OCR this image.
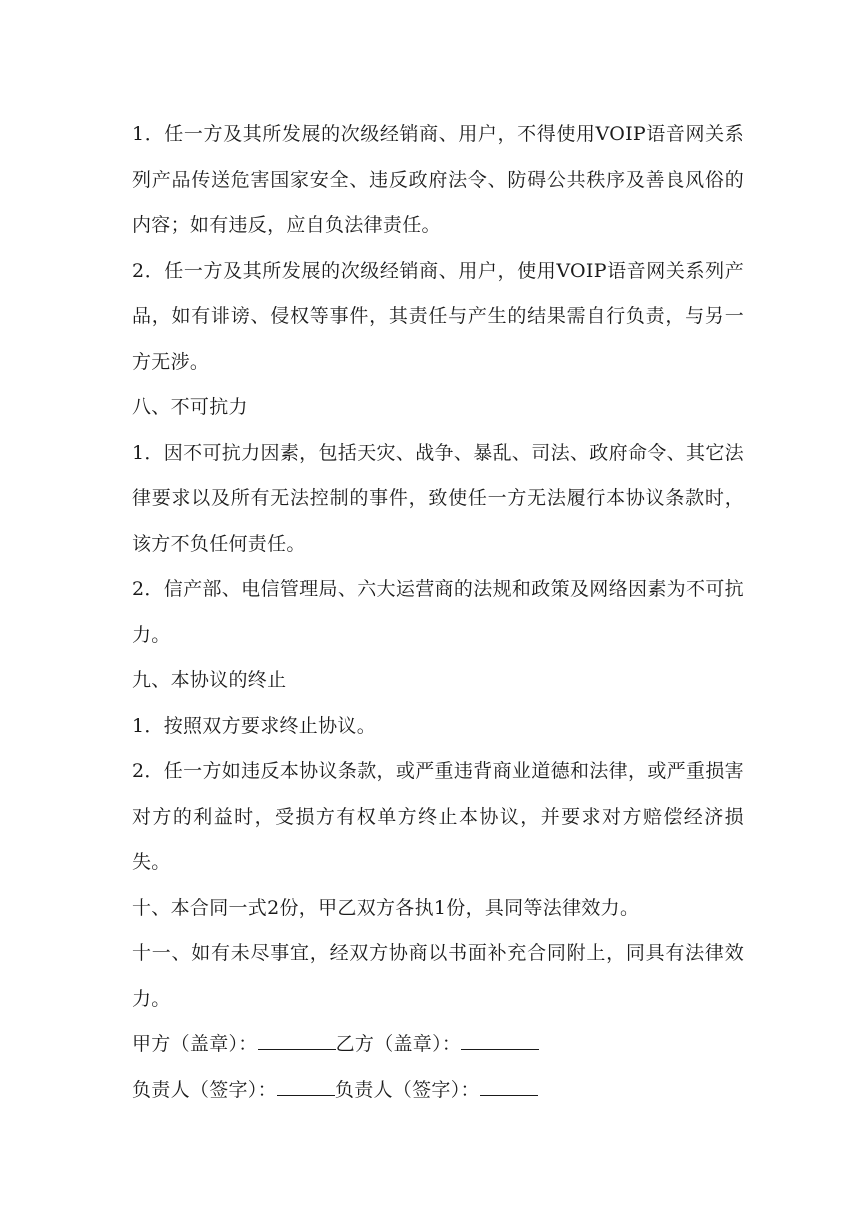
1．任一方及其所发展的次级经销商、用户，不得使用VOIP语音网关系列产品传送危害国家安全、违反政府法令、防碍公共秩序及善良风俗的内容；如有违反，应自负法律责任。

2．任一方及其所发展的次级经销商、用户，使用VOIP语音网关系列产品，如有诽谤、侵权等事件，其责任与产生的结果需自行负责，与另一方无涉。

八、不可抗力

1．因不可抗力因素，包括天灾、战争、暴乱、司法、政府命令、其它法律要求以及所有无法控制的事件，致使任一方无法履行本协议条款时，该方不负任何责任。

2．信产部、电信管理局、六大运营商的法规和政策及网络因素为不可抗力。

九、本协议的终止

1．按照双方要求终止协议。

2．任一方如违反本协议条款，或严重违背商业道德和法律，或严重损害对方的利益时，受损方有权单方终止本协议，并要求对方赔偿经济损失。

十、本合同一式2份，甲乙双方各执1份，具同等法律效力。

十一、如有未尽事宜，经双方协商以书面补充合同附上，同具有法律效力。

甲方（盖章）：	乙方（盖章）：

负责人（签字）：	负责人（签字）：
